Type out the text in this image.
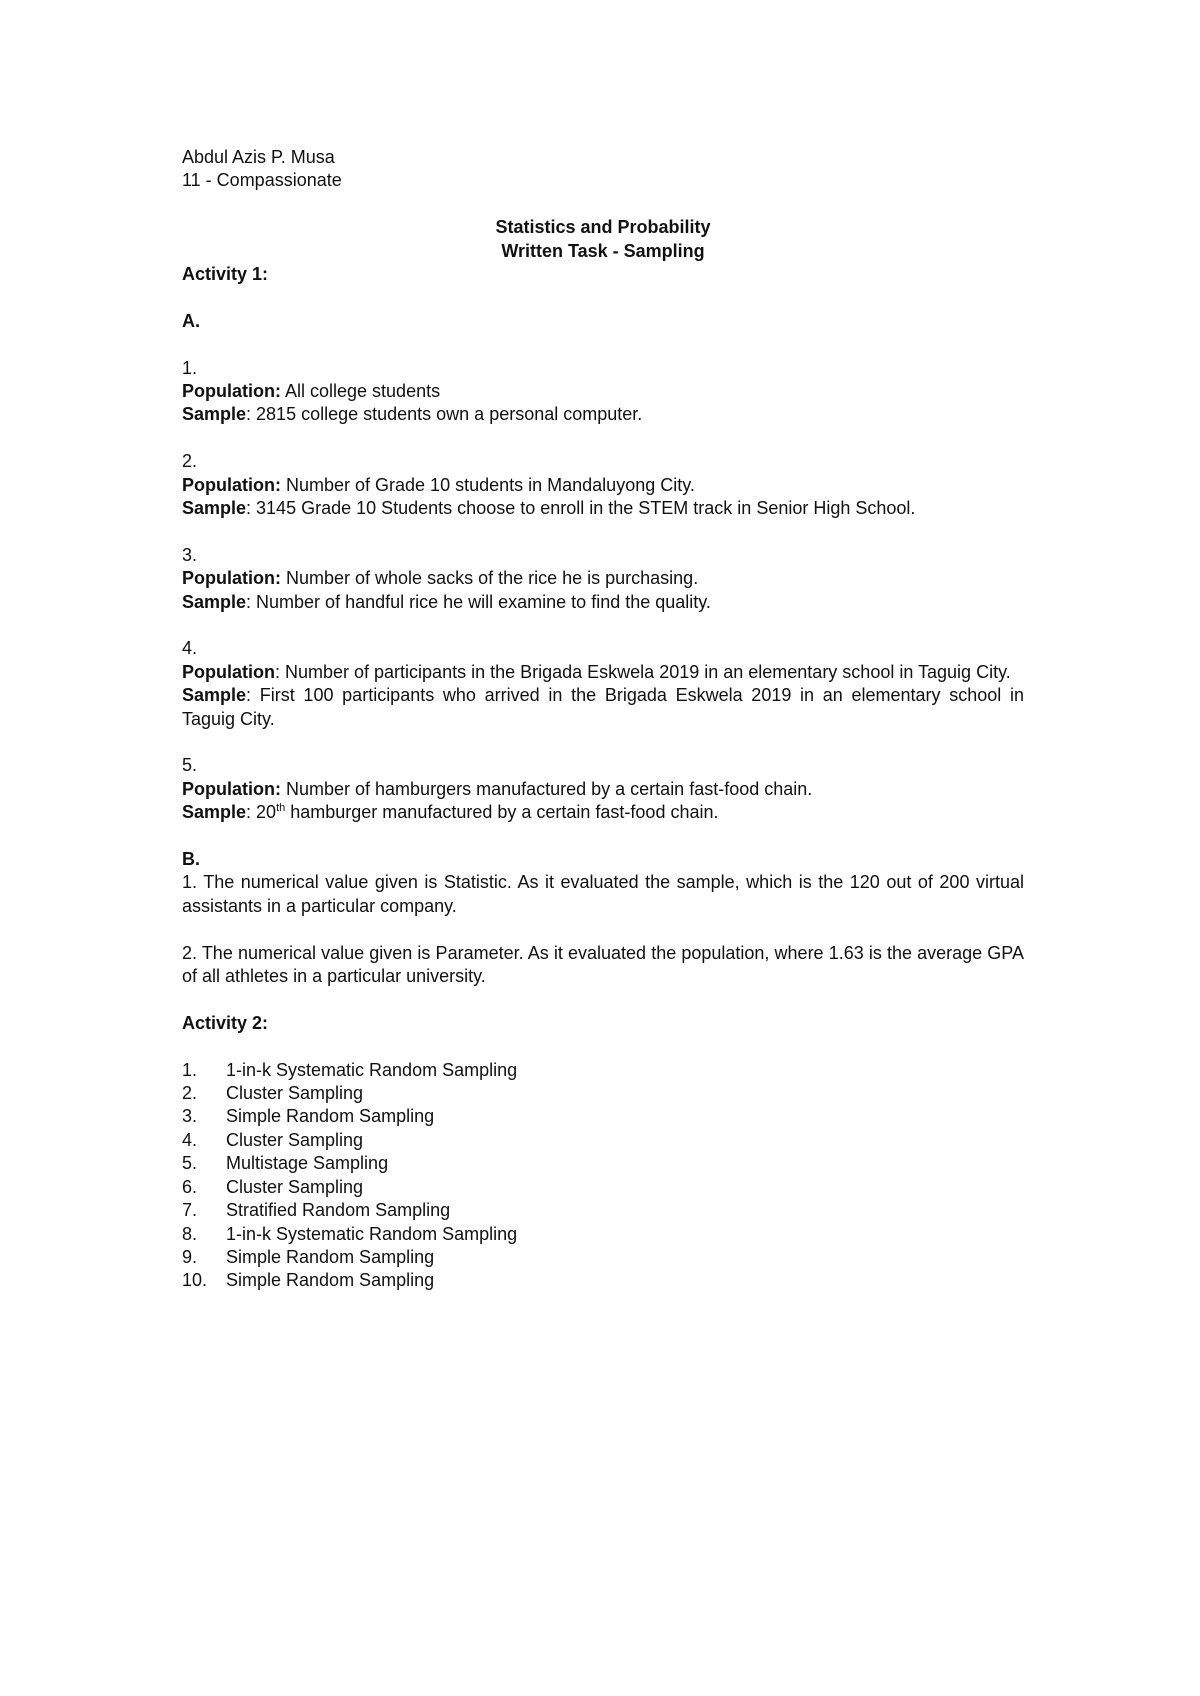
Abdul Azis P. Musa

11 - Compassionate

Statistics and Probability

Written Task - Sampling

Activity 1:

A.

1.

Population: All college students

Sample: 2815 college students own a personal computer.

2.

Population: Number of Grade 10 students in Mandaluyong City.

Sample: 3145 Grade 10 Students choose to enroll in the STEM track in Senior High School.

3.

Population: Number of whole sacks of the rice he is purchasing.

Sample: Number of handful rice he will examine to find the quality.

4.

Population: Number of participants in the Brigada Eskwela 2019 in an elementary school in Taguig City.

Sample: First 100 participants who arrived in the Brigada Eskwela 2019 in an elementary school in Taguig City.

5.

Population: Number of hamburgers manufactured by a certain fast-food chain.

Sample: 20th hamburger manufactured by a certain fast-food chain.

B.

1. The numerical value given is Statistic. As it evaluated the sample, which is the 120 out of 200 virtual assistants in a particular company.

2. The numerical value given is Parameter. As it evaluated the population, where 1.63 is the average GPA of all athletes in a particular university.

Activity 2:

1.	1-in-k Systematic Random Sampling
2.	Cluster Sampling
3.	Simple Random Sampling
4.	Cluster Sampling
5.	Multistage Sampling
6.	Cluster Sampling
7.	Stratified Random Sampling
8.	1-in-k Systematic Random Sampling
9.	Simple Random Sampling
10.	Simple Random Sampling
